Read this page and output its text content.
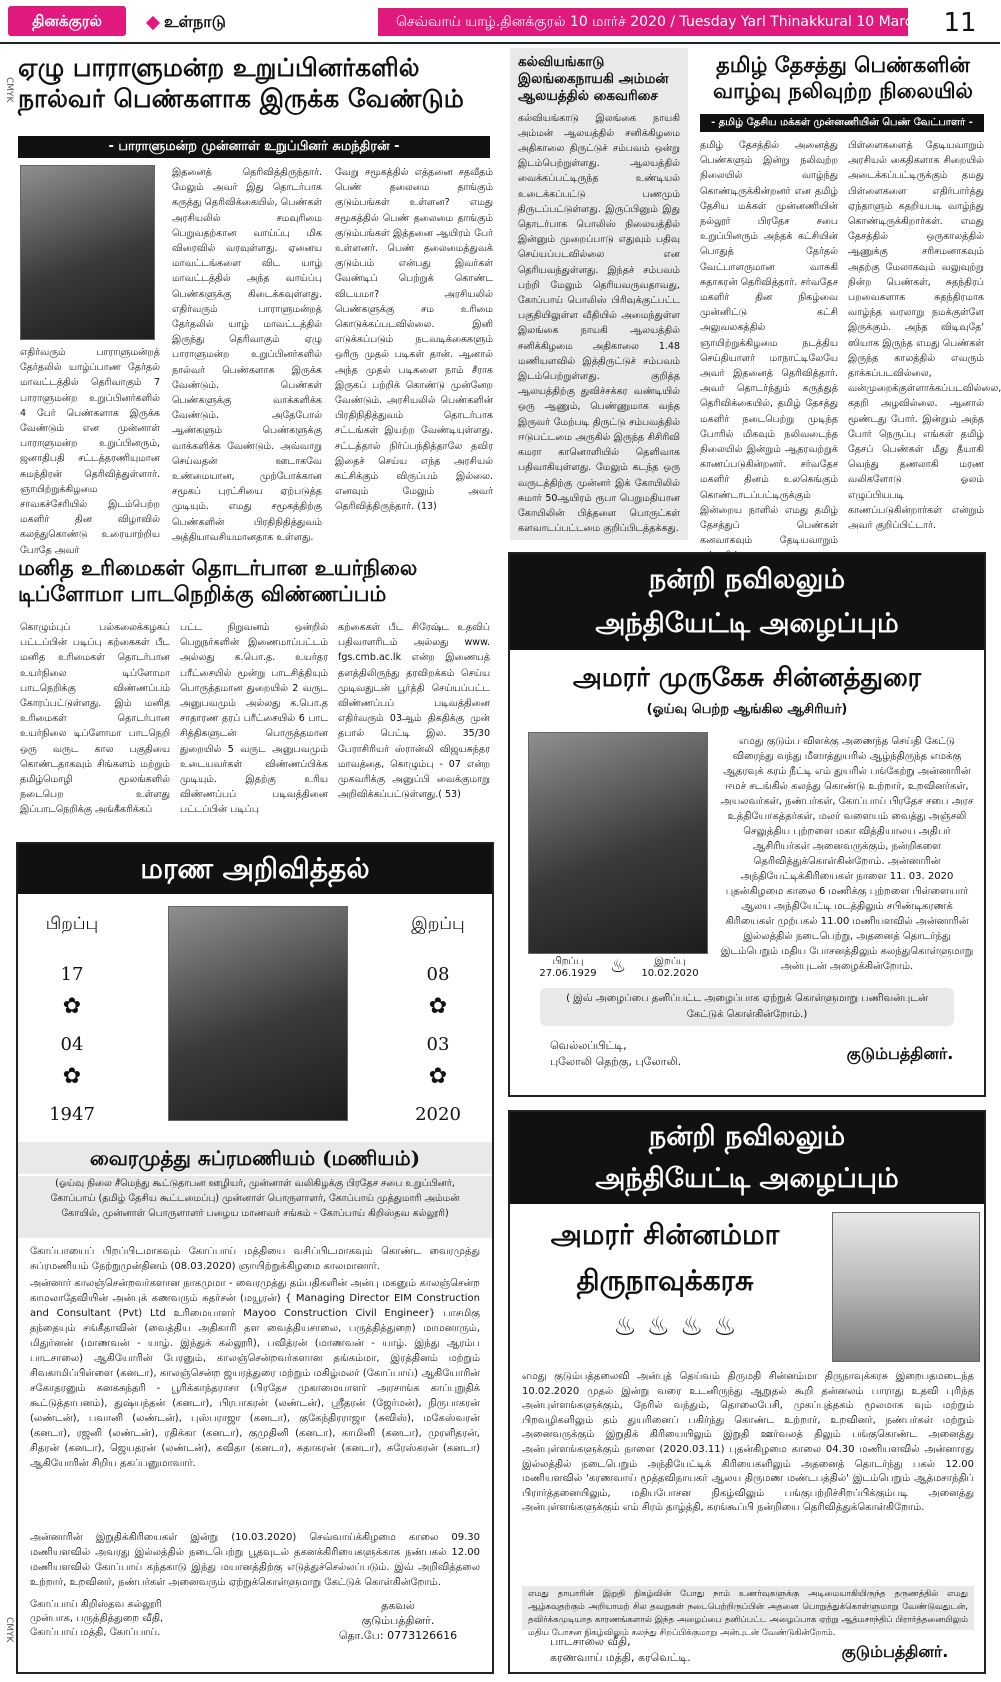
தினக்குரல்	உள்நாடு	செவ்வாய் யாழ்.தினக்குரல் 10 மார்ச் 2020 / Tuesday Yarl Thinakkural 10 March 2020
11
CMYK
CMYK
ஏழு பாராளுமன்ற உறுப்பினர்களில்
நால்வர் பெண்களாக இருக்க வேண்டும்
- பாராளுமன்ற முன்னாள் உறுப்பினர் சுமந்திரன் -
எதிர்வரும் பாராளுமன்றத் தேர்தலில் யாழ்ப்பாண தேர்தல் மாவட்டத்தில் தெரிவாகும் 7 பாராளுமன்ற உறுப்பினர்களில் 4 பேர் பெண்களாக இருக்க வேண்டும் என முன்னாள் பாராளுமன்ற உறுப்பினரும், ஜனாதிபதி சட்டத்தரணியுமான சுமந்திரன் தெரிவித்துள்ளார். ஞாயிற்றுக்கிழமை சாவகச்சேரியில் இடம்பெற்ற மகளிர் தின விழாவில் கலந்துகொண்டு உரையாற்றிய போதே அவர்
இதனைத் தெரிவித்திருந்தார். மேலும் அவர் இது தொடர்பாக கருத்து தெரிவிக்கையில், பெண்கள் அரசியலில் சமவுரிமை பெறுவதற்கான வாய்ப்பு மிக விரைவில் வரவுள்ளது. ஏனைய மாவட்டங்களை விட யாழ் மாவட்டத்தில் அந்த வாய்ப்பு பெண்களுக்கு கிடைக்கவுள்ளது. எதிர்வரும் பாராளுமன்றத் தேர்தலில் யாழ் மாவட்டத்தில் இருந்து தெரிவாகும் ஏழு பாராளுமன்ற உறுப்பினர்களில் நால்வர் பெண்களாக இருக்க வேண்டும். பெண்கள் பெண்களுக்கு வாக்களிக்க வேண்டும். அதேபோல் ஆண்களும் பெண்களுக்கு வாக்களிக்க வேண்டும். அவ்வாறு செய்வதன் ஊடாகவே உண்மையான, முற்போக்கான சமூகப் புரட்சியை ஏற்படுத்த முடியும். எமது சமூகத்திற்கு பெண்களின் பிரதிநிதித்துவம் அத்தியாவசியமானதாக உள்ளது.
வேறு சமூகத்தில் எத்தனை சதவீதம் பெண் தலைமை தாங்கும் குடும்பங்கள் உள்ளன? எமது சமூகத்தில் பெண் தலைமை தாங்கும் குடும்பங்கள் இத்தனை ஆயிரம் பேர் உள்ளனர். பெண் தலைமைத்துவக் குடும்பம் என்பது இவர்கள் வேண்டிப் பெற்றுக் கொண்ட விடயமா? அரசியலில் பெண்களுக்கு சம உரிமை கொடுக்கப்படவில்லை. இனி எடுக்கப்படும் நடவடிக்கைகளும் ஒரிரு முதல் படிகள் தான். ஆனால் அந்த முதல் படிகளை நாம் சீராக இருகப் பற்றிக் கொண்டு முன்னேற வேண்டும். அரசியலில் பெண்களின் பிரதிநிதித்துவம் தொடர்பாக சட்டங்கள் இயற்ற வேண்டியுள்ளது. சட்டத்தால் நிர்ப்பந்தித்தாலே தவிர இதைச் செய்ய எந்த அரசியல் கட்சிக்கும் விருப்பம் இல்லை. எனவும் மேலும் அவர் தெரிவித்திருந்தார். (13)
கல்வியங்காடு
இலங்கைநாயகி அம்மன்
ஆலயத்தில் கைவரிசை
கல்வியங்காடு இலங்கை நாயகி அம்மன் ஆலயத்தில் சனிக்கிழமை அதிகாலை திருட்டுச் சம்பவம் ஒன்று இடம்பெற்றுள்ளது. ஆலயத்தில் வைக்கப்பட்டிருந்த உண்டியல் உடைக்கப்பட்டு பணமும் திருடப்பட்டுள்ளது. இருப்பினும் இது தொடர்பாக பொலிஸ் நிலையத்தில் இன்னும் முறைப்பாடு எதுவும் பதிவு செய்யப்படவில்லை என தெரியவந்துள்ளது. இந்தச் சம்பவம் பற்றி மேலும் தெரியவருவதாவது, கோப்பாய் பொலிஸ் பிரிவுக்குட்பட்ட பகுதியிலுள்ள வீதியில் அமைந்துள்ள இலங்கை நாயகி ஆலயத்தில் சனிக்கிழமை அதிகாலை 1.48 மணியளவில் இத்திருட்டுச் சம்பவம் இடம்பெற்றுள்ளது. குறித்த ஆலயத்திற்கு துவிச்சக்கர வண்டியில் ஒரு ஆணும், பெண்ணுமாக வந்த இருவர் மேற்படி திருட்டு சம்பவத்தில் ஈடுபட்டமை அருகில் இருந்த சிசிரிவி கமரா கானொளியில் தெளிவாக பதிவாகியுள்ளது. மேலும் கடந்த ஒரு வருடத்திற்கு முன்னர் இக் கோயிலில் சுமார் 50ஆயிரம் ரூபா பெறுமதியான கோயிலின் பித்தளை பொருட்கள் களவாடப்பட்டமை குறிப்பிடத்தக்கது.
தமிழ் தேசத்து பெண்களின்
வாழ்வு நலிவுற்ற நிலையில்
- தமிழ் தேசிய மக்கள் முன்னணியின் பெண் வேட்பாளர் -
தமிழ் தேசத்தில் அனைத்து பெண்களும் இன்று நலிவுற்ற நிலையில் வாழ்ந்து கொண்டிருக்கின்றனர் என தமிழ் தேசிய மக்கள் முன்னணியின் நல்லூர் பிரதேச சபை உறுப்பினரும் அந்தக் கட்சியின் பொதுத் தேர்தல் வேட்பாளருமான வாசுகி சுதாகரன் தெரிவித்தார். சர்வதேச மகளிர் தின நிகழ்வை முன்னிட்டு கட்சி அலுவலகத்தில் ஞாயிற்றுக்கிழமை நடத்திய செய்தியாளர் மாநாட்டிலேயே அவர் இதனைத் தெரிவித்தார். அவர் தொடர்ந்தும் கருத்துத் தெரிவிக்கையில், தமிழ் தேசத்து மகளிர் நடைபெற்று முடிந்த போரில் மிகவும் நலிவடைந்த நிலையில் இன்றும் ஆதரவற்றுக் காணப்படுகின்றனர். சர்வதேச மகளிர் தினம் உலகெங்கும் கொண்டாடப்பட்டிருக்கும் இன்றைய நாளில் எமது தமிழ் தேசத்துப் பெண்கள் கனவாகவும் தேடியவாறும்
பிள்ளைகளைத் தேடியவாறும் அரசியல் கைதிகளாக சிறையில் அடைக்கப்பட்டிருக்கும் தமது பிள்ளைகளை எதிர்பார்த்து ஏந்தாளும் கதறியபடி வாழ்ந்து கொண்டிருக்கிறார்கள். எமது தேசத்தில் ஒருகாலத்தில் ஆணுக்கு சரிசமனாகவும் அதற்கு மேலாகவும் வலுவுற்று நின்ற பெண்கள், சுதந்திரப் பறவைகளாக சுதந்திரமாக வாழ்ந்த வரலாறு நமக்குள்ளே இருக்கும். அந்த விடிவுதே' ஸியாக இருந்த எமது பெண்கள் இருந்த காலத்தில் எவரும் தாக்கப்படவில்லை, வன்முறைக்குள்ளாக்கப்படவில்லை, கதறி அழவில்லை. ஆனால் மூண்டது போர். இன்றும் அந்த போர் நெருப்பு எங்கள் தமிழ் தேசப் பெண்கள் மீது தீயாகி வெந்து தணலாகி மரண வலிகளோடு ஓலம் எழுப்பியபடி காணப்படுகின்றார்கள் என்றும் அவர் குறிப்பிட்டார்.
மனித உரிமைகள் தொடர்பான உயர்நிலை
டிப்ளோமா பாடநெறிக்கு விண்ணப்பம்
கொழும்புப் பல்கலைக்கழகப் பட்டப்பின் படிப்பு கற்கைகள் பீட மனித உரிமைகள் தொடர்பான உயர்நிலை டிப்ளோமா பாடநெறிக்கு விண்ணப்பம் கோரப்பட்டுள்ளது. இம் மனித உரிமைகள் தொடர்பான உயர்நிலை டிப்ளோமா பாடநெறி ஒரு வருட கால பகுதியை கொண்டதாகவும் சிங்களம் மற்றும் தமிழ்மொழி மூலங்களில் நடைபெற உள்ளது இப்பாடநெறிக்கு அங்கீகரிக்கப்
பட்ட நிறுவனம் ஒன்றில் பெறுநர்களின் இணைமாப்பட்டம் அல்லது க.பொ.த. உயர்தர பரீட்சையில் மூன்று பாடசித்தியும் பொருத்தமான துறையில் 2 வருட அனுபவமும் அல்லது க.பொ.த சாதாரண தரப் பரீட்சையில் 6 பாட சித்திகளுடன் பொருத்தமான துறையில் 5 வருட அனுபவமும் உடையவர்கள் விண்ணப்பிக்க முடியும். இதற்கு உரிய விண்ணப்பப் படிவத்தினை பட்டப்பின் படிப்பு
கற்கைகள் பீட சிரேஷ்ட உதவிப் பதிவாளரிடம் அல்லது www. fgs.cmb.ac.lk என்ற இணையத் தளத்திலிருந்து தரவிறக்கம் செய்ய முடிவதுடன் பூர்த்தி செய்யப்பட்ட விண்ணப்பப் படிவத்தினை எதிர்வரும் 03ஆம் திகதிக்கு முன் தபால் பெட்டி இல. 35/30 பேராசிரியர் ஸ்ரான்லி விஜயசுந்தர மாவத்தை, கொழும்பு - 07 என்ற முகவரிக்கு அனுப்பி வைக்குமாறு அறிவிக்கப்பட்டுள்ளது.( 53)
மரண அறிவித்தல்
பிறப்பு
17
✿
04
✿
1947
இறப்பு
08
✿
03
✿
2020
வைரமுத்து சுப்ரமணியம் (மணியம்)
(ஓய்வு நிலை சீமெந்து கூட்டுதாபன ஊழியர், முன்னாள் வலிகிழக்கு பிரதேச சபை உறுப்பினர், கோப்பாய் (தமிழ் தேசிய கூட்டமைப்பு) முன்னாள் பொருளாளர், கோப்பாய் முத்துமாரி அம்மன் கோயில், முன்னாள் பொருளாளர் பழைய மாணவர் சங்கம் - கோப்பாய் கிறிஸ்தவ கல்லூரி)
கோப்பாயைப் பிறப்பிடமாகவும் கோப்பாய் மத்தியை வசிப்பிடமாகவும் கொண்ட வைரமுத்து சுப்ரமணியம் நேற்றுமுன்தினம் (08.03.2020) ஞாயிற்றுக்கிழமை காலமானார்.
அன்னார் காலஞ்சென்றவர்களான நாகமுமா - வைரமுத்து தம்பதிகளின் அன்பு மகனும் காலஞ்சென்ற காமலாதேவியின் அன்புக் கணவரும் சுதர்சன் (மயூரன்) { Managing Director EIM Construction and Consultant (Pvt) Ltd உரிமையாளர் Mayoo Construction Civil Engineer} பாசமிகு தந்தையும் சங்கீதாவின் (வைத்திய அதிகாரி தள வைத்தியசாலை, பருத்தித்துறை) மாமனாரும், மிதுர்னன் (மாணவன் - யாழ். இந்துக் கல்லூரி), பவித்ரன் (மாணவன் - யாழ். இந்து ஆரம்ப பாடசாலை) ஆகியோரின் பேரனும், காலஞ்சென்றவர்களான தங்கம்மா, இரத்தினம் மற்றும் சிவகாமிப்பிள்ளை (கனடா), காலஞ்சென்ற ஜயரத்துரை மற்றும் மகிழ்மலர் (கோப்பாய்) ஆகியோரின் சகோதரனும் கனகசுந்தரி - பூரிக்காந்தராசா (பிரதேச முகாமையாளர் அரசாங்க காப்புறுதிக் கூட்டுத்தாபனம்), துஷ்யந்தன் (கனடா), பிரபாகரன் (லண்டன்), ஸ்ரீதரன் (ஜேர்மன்), நிருபாகரன் (லண்டன்), பவானி (லண்டன்), புஸ்பராஜா (கனடா), குகேந்திரராஜா (சுவிஸ்), மகேஸ்வரன் (கனடா), ரஜனி (லண்டன்), ரதிக்கா (கனடா), குமுதினி (கனடா), காமினி (கனடா), முரளிதரன், சிதரன் (கனடா), ஜெயதரன் (லண்டன்), கவிதா (கனடா), சுதாகரன் (கனடா), சுரேஸ்கரன் (கனடா) ஆகியோரின் சிறிய தகப்பனுமாவார்.
அன்னாரின் இறுதிக்கிரியைகள் இன்று (10.03.2020) செவ்வாய்க்கிழமை காலை 09.30 மணியளவில் அவரது இல்லத்தில் நடைபெற்று பூதவுடல் தகனக்கிரியைகளுக்காக நண்பகல் 12.00 மணியளவில் கோப்பாய் கந்தகாடு இந்து மயானத்திற்கு எடுத்துச்செல்லப்படும். இவ் அறிவித்தலை உற்றார், உறவினர், நண்பர்கள் அனைவரும் ஏற்றுக்கொள்ளுமாறு கேட்டுக் கொள்கின்றோம்.
கோப்பாய் கிறிஸ்தவ கல்லூரி
முன்பாக, பருத்தித்துறை வீதி,
கோப்பாய் மத்தி, கோப்பாய்.
தகவல்
குடும்பத்தினர்.
தொ.பே: 0773126616
நன்றி நவிலலும்
அந்தியேட்டி அழைப்பும்
அமரர் முருகேசு சின்னத்துரை
(ஓய்வு பெற்ற ஆங்கில ஆசிரியர்)
எமது குடும்ப விளக்கு அணைந்த செய்தி கேட்டு விரைந்து வந்து மீளாத்துயரில் ஆழ்ந்திருந்த எமக்கு ஆதரவுக் கரம் நீட்டி எம் துயரில் பங்கேற்று அன்னாரின் ஈமச் சடங்கில் கலந்து கொண்டு உற்றார், உறவினர்கள், அயலவர்கள், நண்பர்கள், கோப்பாய் பிரதேச சபை அரச உத்தியோகத்தர்கள், மலர் வளையம் வைத்து அஞ்சலி செலுத்திய புற்றளை மகா வித்தியாலய அதிபர் ஆசிரியர்கள் அனைவருக்கும், நன்றிகளை தெரிவித்துக்கொள்கின்றோம். அன்னாரின் அந்தியேட்டிக்கிரியைகள் நாளை 11. 03. 2020 புதன்கிழமை காலை 6 மணிக்கு புற்றளை பிள்ளையார் ஆலய அந்தியேட்டி மடத்திலும் சபிண்டிகரணக் கிரியைகள் முற்பகல் 11.00 மணியளவில் அன்னாரின் இல்லத்தில் நடைபெற்று, அதனைத் தொடர்ந்து இடம்பெறும் மதிய போசனத்திலும் கலந்துகொள்ளுமாறு அன்புடன் அழைக்கின்றோம்.
பிறப்பு
27.06.1929 ♨	இறப்பு
10.02.2020
( இவ் அழைப்பை தனிப்பட்ட அழைப்பாக ஏற்றுக் கொள்ளுமாறு பணிவன்புடன் கேட்டுக் கொள்கின்றோம்.)
வெல்லப்பிட்டி,
புலோலி தெற்கு, புலோலி.	குடும்பத்தினர்.
நன்றி நவிலலும்
அந்தியேட்டி அழைப்பும்
அமரர் சின்னம்மா
திருநாவுக்கரசு
♨♨♨♨
எமது குடும்பத்தலைவி அன்புத் தெய்வம் திருமதி சின்னம்மா திருநாவுக்கரசு இறைபதமடைந்த 10.02.2020 முதல் இன்று வரை உடனிருந்து ஆறுதல் கூறி தன்னலம் பாராது உதவி புரிந்த அன்புள்ளங்களுக்கும், நேரில் வந்தும், தொலைபேசி, முகப்புத்தகம் மூலமாக வும் மற்றும் பிறவழிகளிலும் தம் துயரினைப் பகிர்ந்து கொண்ட உற்றார், உறவினர், நண்பர்கள் மற்றும் அனைவருக்கும் இறுதிக் கிரியையிலும் இறுதி ஊர்வலத் திலும் பங்குகொண்ட அனைத்து அன்புள்ளங்களுக்கும் நாளை (2020.03.11) புதன்கிழமை காலை 04.30 மணியளவில் அன்னாரது இல்லத்தில் நடைபெறும் அந்தியேட்டிக் கிரியைகளிலும் அதனைத் தொடர்ந்து பகல் 12.00 மணியளவில் 'கரணவாய் மூத்தவிநாயகர் ஆலய திருமண மண்டபத்தில்' இடம்பெறும் ஆத்மசாந்திப் பிரார்த்தனையிலும், மதியபோசன நிகழ்விலும் பங்குபற்றிச்சிறப்பிக்கும்படி அனைத்து அன்புள்ளங்களுக்கும் எம் சிரம் தாழ்த்தி, கரங்கூப்பி நன்றியை தெரிவித்துக்கொள்கிறோம்.
எமது தாயாரின் இறுதி நிகழ்வின் போது நாம் உணர்வுகளுக்கு அடிமையாகியிருந்த தருணத்தில் எமது ஆழ்கவுதற்கும் அறியாமற் சில தவறுகள் நடைபெற்றிருப்பின் அதனை பொறுத்துக்கொள்ளுமாறு வேண்டுவதுடன், தவிர்க்கமுடியாத காரணங்களால் இந்த அழைப்பை தனிப்பட்ட அழைப்பாக ஏற்று ஆத்மசாந்திப் பிரார்த்தனையிலும் மதிய போசன நிகழ்விலும் கலந்து சிறப்பிக்குமாறு அன்புடன் வேண்டுகின்றோம்.
பாடசாலை வீதி,
கரணவாய் மத்தி, கரவெட்டி.	குடும்பத்தினர்.
